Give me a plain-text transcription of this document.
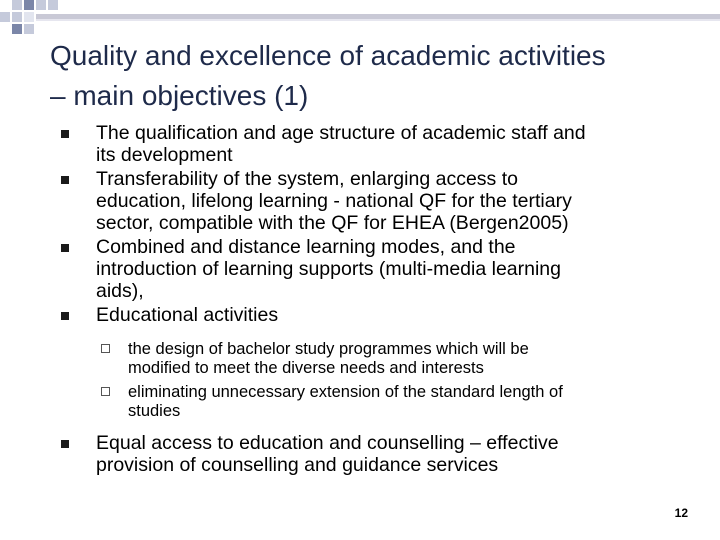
Quality and excellence of academic activities
– main objectives (1)
The qualification and age structure of academic staff and
its development
Transferability of the system, enlarging access to
education, lifelong learning - national QF for the tertiary
sector, compatible with the QF for EHEA (Bergen2005)
Combined and distance learning modes, and the
introduction of learning supports (multi-media learning
aids),
Educational activities
the design of bachelor study programmes which will be
modified to meet the diverse needs and interests
eliminating unnecessary extension of the standard length of
studies
Equal access to education and counselling – effective
provision of counselling and guidance services
12
